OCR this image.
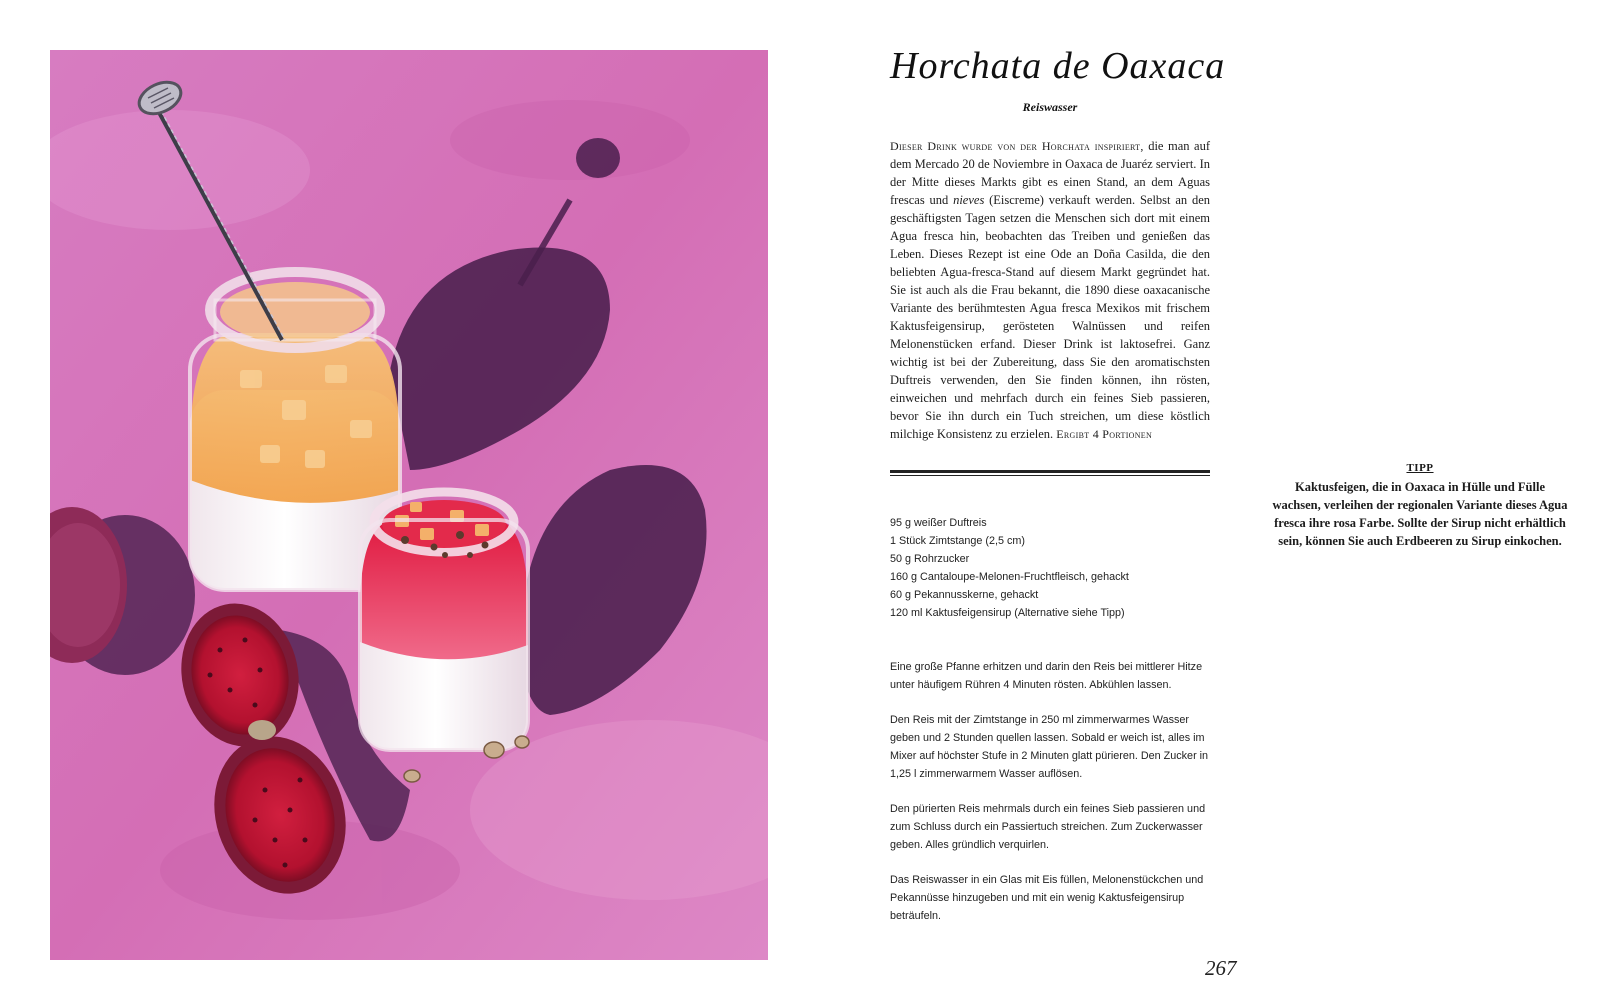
Horchata de Oaxaca
Reiswasser
Dieser Drink wurde von der Horchata inspiriert, die man auf dem Mercado 20 de Noviembre in Oaxaca de Juaréz serviert. In der Mitte dieses Markts gibt es einen Stand, an dem Aguas frescas und nieves (Eiscreme) verkauft werden. Selbst an den geschäftigsten Tagen setzen die Menschen sich dort mit einem Agua fresca hin, beobachten das Treiben und genießen das Leben. Dieses Rezept ist eine Ode an Doña Casilda, die den beliebten Agua-fresca-Stand auf diesem Markt gegründet hat. Sie ist auch als die Frau bekannt, die 1890 diese oaxacanische Variante des berühmtesten Agua fresca Mexikos mit frischem Kaktusfeigensirup, gerösteten Walnüssen und reifen Melonenstücken erfand. Dieser Drink ist laktosefrei. Ganz wichtig ist bei der Zubereitung, dass Sie den aromatischsten Duftreis verwenden, den Sie finden können, ihn rösten, einweichen und mehrfach durch ein feines Sieb passieren, bevor Sie ihn durch ein Tuch streichen, um diese köstlich milchige Konsistenz zu erzielen. Ergibt 4 Portionen
95 g weißer Duftreis
1 Stück Zimtstange (2,5 cm)
50 g Rohrzucker
160 g Cantaloupe-Melonen-Fruchtfleisch, gehackt
60 g Pekannusskerne, gehackt
120 ml Kaktusfeigensirup (Alternative siehe Tipp)

Eine große Pfanne erhitzen und darin den Reis bei mittlerer Hitze unter häufigem Rühren 4 Minuten rösten. Abkühlen lassen.

Den Reis mit der Zimtstange in 250 ml zimmerwarmes Wasser geben und 2 Stunden quellen lassen. Sobald er weich ist, alles im Mixer auf höchster Stufe in 2 Minuten glatt pürieren. Den Zucker in 1,25 l zimmerwarmem Wasser auflösen.

Den pürierten Reis mehrmals durch ein feines Sieb passieren und zum Schluss durch ein Passiertuch streichen. Zum Zuckerwasser geben. Alles gründlich verquirlen.

Das Reiswasser in ein Glas mit Eis füllen, Melonenstückchen und Pekannüsse hinzugeben und mit ein wenig Kaktusfeigensirup beträufeln.

TIPP
Kaktusfeigen, die in Oaxaca in Hülle und Fülle wachsen, verleihen der regionalen Variante dieses Agua fresca ihre rosa Farbe. Sollte der Sirup nicht erhältlich sein, können Sie auch Erdbeeren zu Sirup einkochen.
267
